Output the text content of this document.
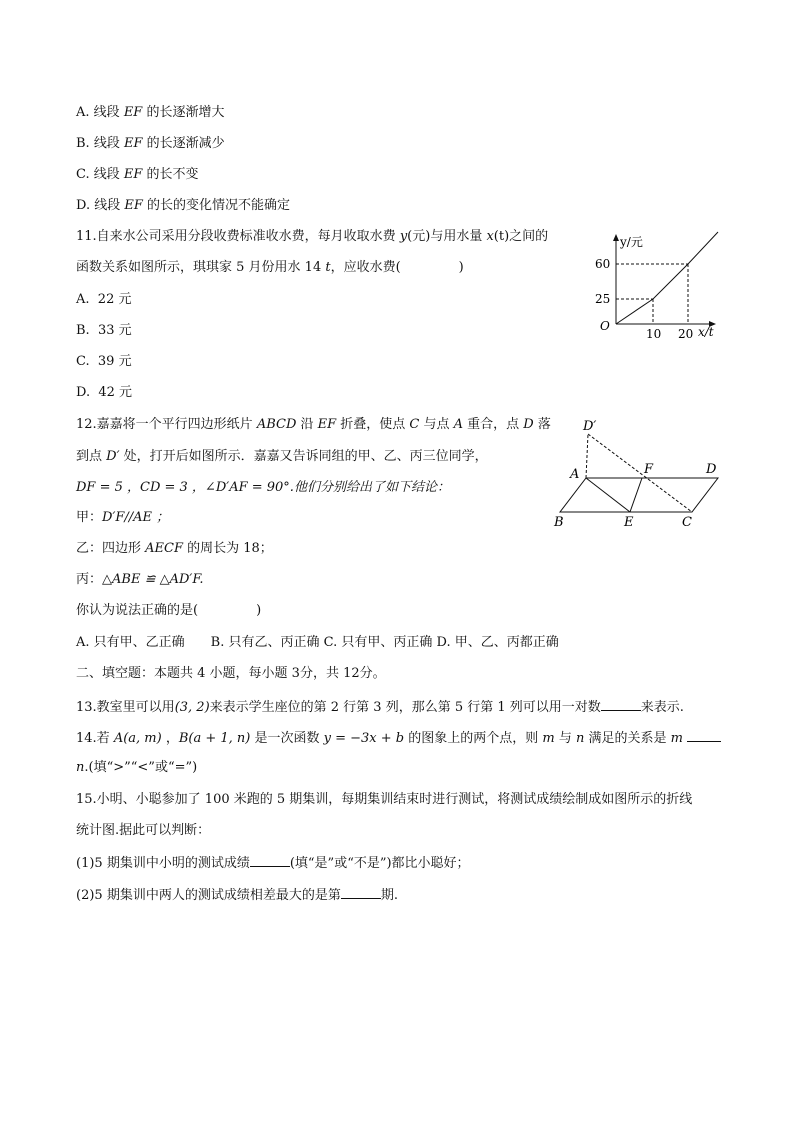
A. 线段 EF 的长逐渐增大
B. 线段 EF 的长逐渐减少
C. 线段 EF 的长不变
D. 线段 EF 的长的变化情况不能确定
11.自来水公司采用分段收费标准收水费，每月收取水费 y(元)与用水量 x(t)之间的
函数关系如图所示，琪琪家 5 月份用水 14 t，应收水费(	)
A. 22 元
B. 33 元
C. 39 元
D. 42 元
y/元
x/t
O
60
25
10 20
12.嘉嘉将一个平行四边形纸片 ABCD 沿 EF 折叠，使点 C 与点 A 重合，点 D 落
到点 D′ 处，打开后如图所示．嘉嘉又告诉同组的甲、乙、丙三位同学，
DF = 5 ，CD = 3 ，∠D′AF = 90°.他们分别给出了如下结论：
甲：D′F//AE ；
乙：四边形 AECF 的周长为 18；
丙：△ABE ≌ △AD′F.
你认为说法正确的是(	)
A. 只有甲、乙正确　　B. 只有乙、丙正确 C. 只有甲、丙正确 D. 甲、乙、丙都正确
D′
A	F	D
B	E	C
二、填空题：本题共 4 小题，每小题 3分，共 12分。
13.教室里可以用(3, 2)来表示学生座位的第 2 行第 3 列，那么第 5 行第 1 列可以用一对数	来表示.
14.若 A(a, m) ，B(a + 1, n) 是一次函数 y = −3x + b 的图象上的两个点，则 m 与 n 满足的关系是 m
n.(填“>”“<”或“=”)
15.小明、小聪参加了 100 米跑的 5 期集训，每期集训结束时进行测试，将测试成绩绘制成如图所示的折线
统计图.据此可以判断：
(1)5 期集训中小明的测试成绩	(填“是”或“不是”)都比小聪好；
(2)5 期集训中两人的测试成绩相差最大的是第	期.
